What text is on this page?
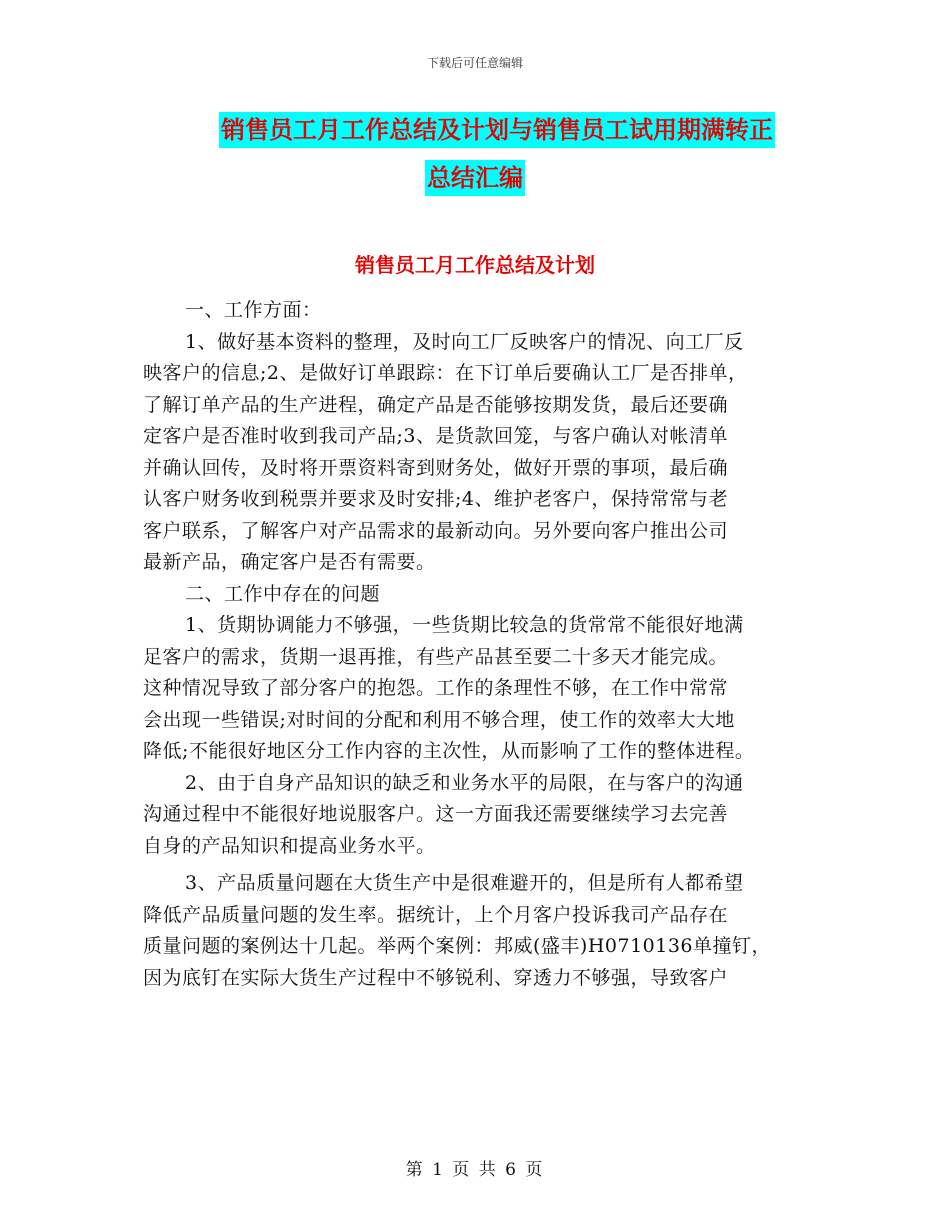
下载后可任意编辑
销售员工月工作总结及计划与销售员工试用期满转正
总结汇编
销售员工月工作总结及计划
一、工作方面：
1、做好基本资料的整理，及时向工厂反映客户的情况、向工厂反
映客户的信息;2、是做好订单跟踪：在下订单后要确认工厂是否排单，
了解订单产品的生产进程，确定产品是否能够按期发货，最后还要确
定客户是否准时收到我司产品;3、是货款回笼，与客户确认对帐清单
并确认回传，及时将开票资料寄到财务处，做好开票的事项，最后确
认客户财务收到税票并要求及时安排;4、维护老客户，保持常常与老
客户联系，了解客户对产品需求的最新动向。另外要向客户推出公司
最新产品，确定客户是否有需要。
二、工作中存在的问题
1、货期协调能力不够强，一些货期比较急的货常常不能很好地满
足客户的需求，货期一退再推，有些产品甚至要二十多天才能完成。
这种情况导致了部分客户的抱怨。工作的条理性不够，在工作中常常
会出现一些错误;对时间的分配和利用不够合理，使工作的效率大大地
降低;不能很好地区分工作内容的主次性，从而影响了工作的整体进程。
2、由于自身产品知识的缺乏和业务水平的局限，在与客户的沟通
沟通过程中不能很好地说服客户。这一方面我还需要继续学习去完善
自身的产品知识和提高业务水平。
3、产品质量问题在大货生产中是很难避开的，但是所有人都希望
降低产品质量问题的发生率。据统计，上个月客户投诉我司产品存在
质量问题的案例达十几起。举两个案例：邦威(盛丰)H0710136单撞钉，
因为底钉在实际大货生产过程中不够锐利、穿透力不够强，导致客户
第 1 页 共 6 页
